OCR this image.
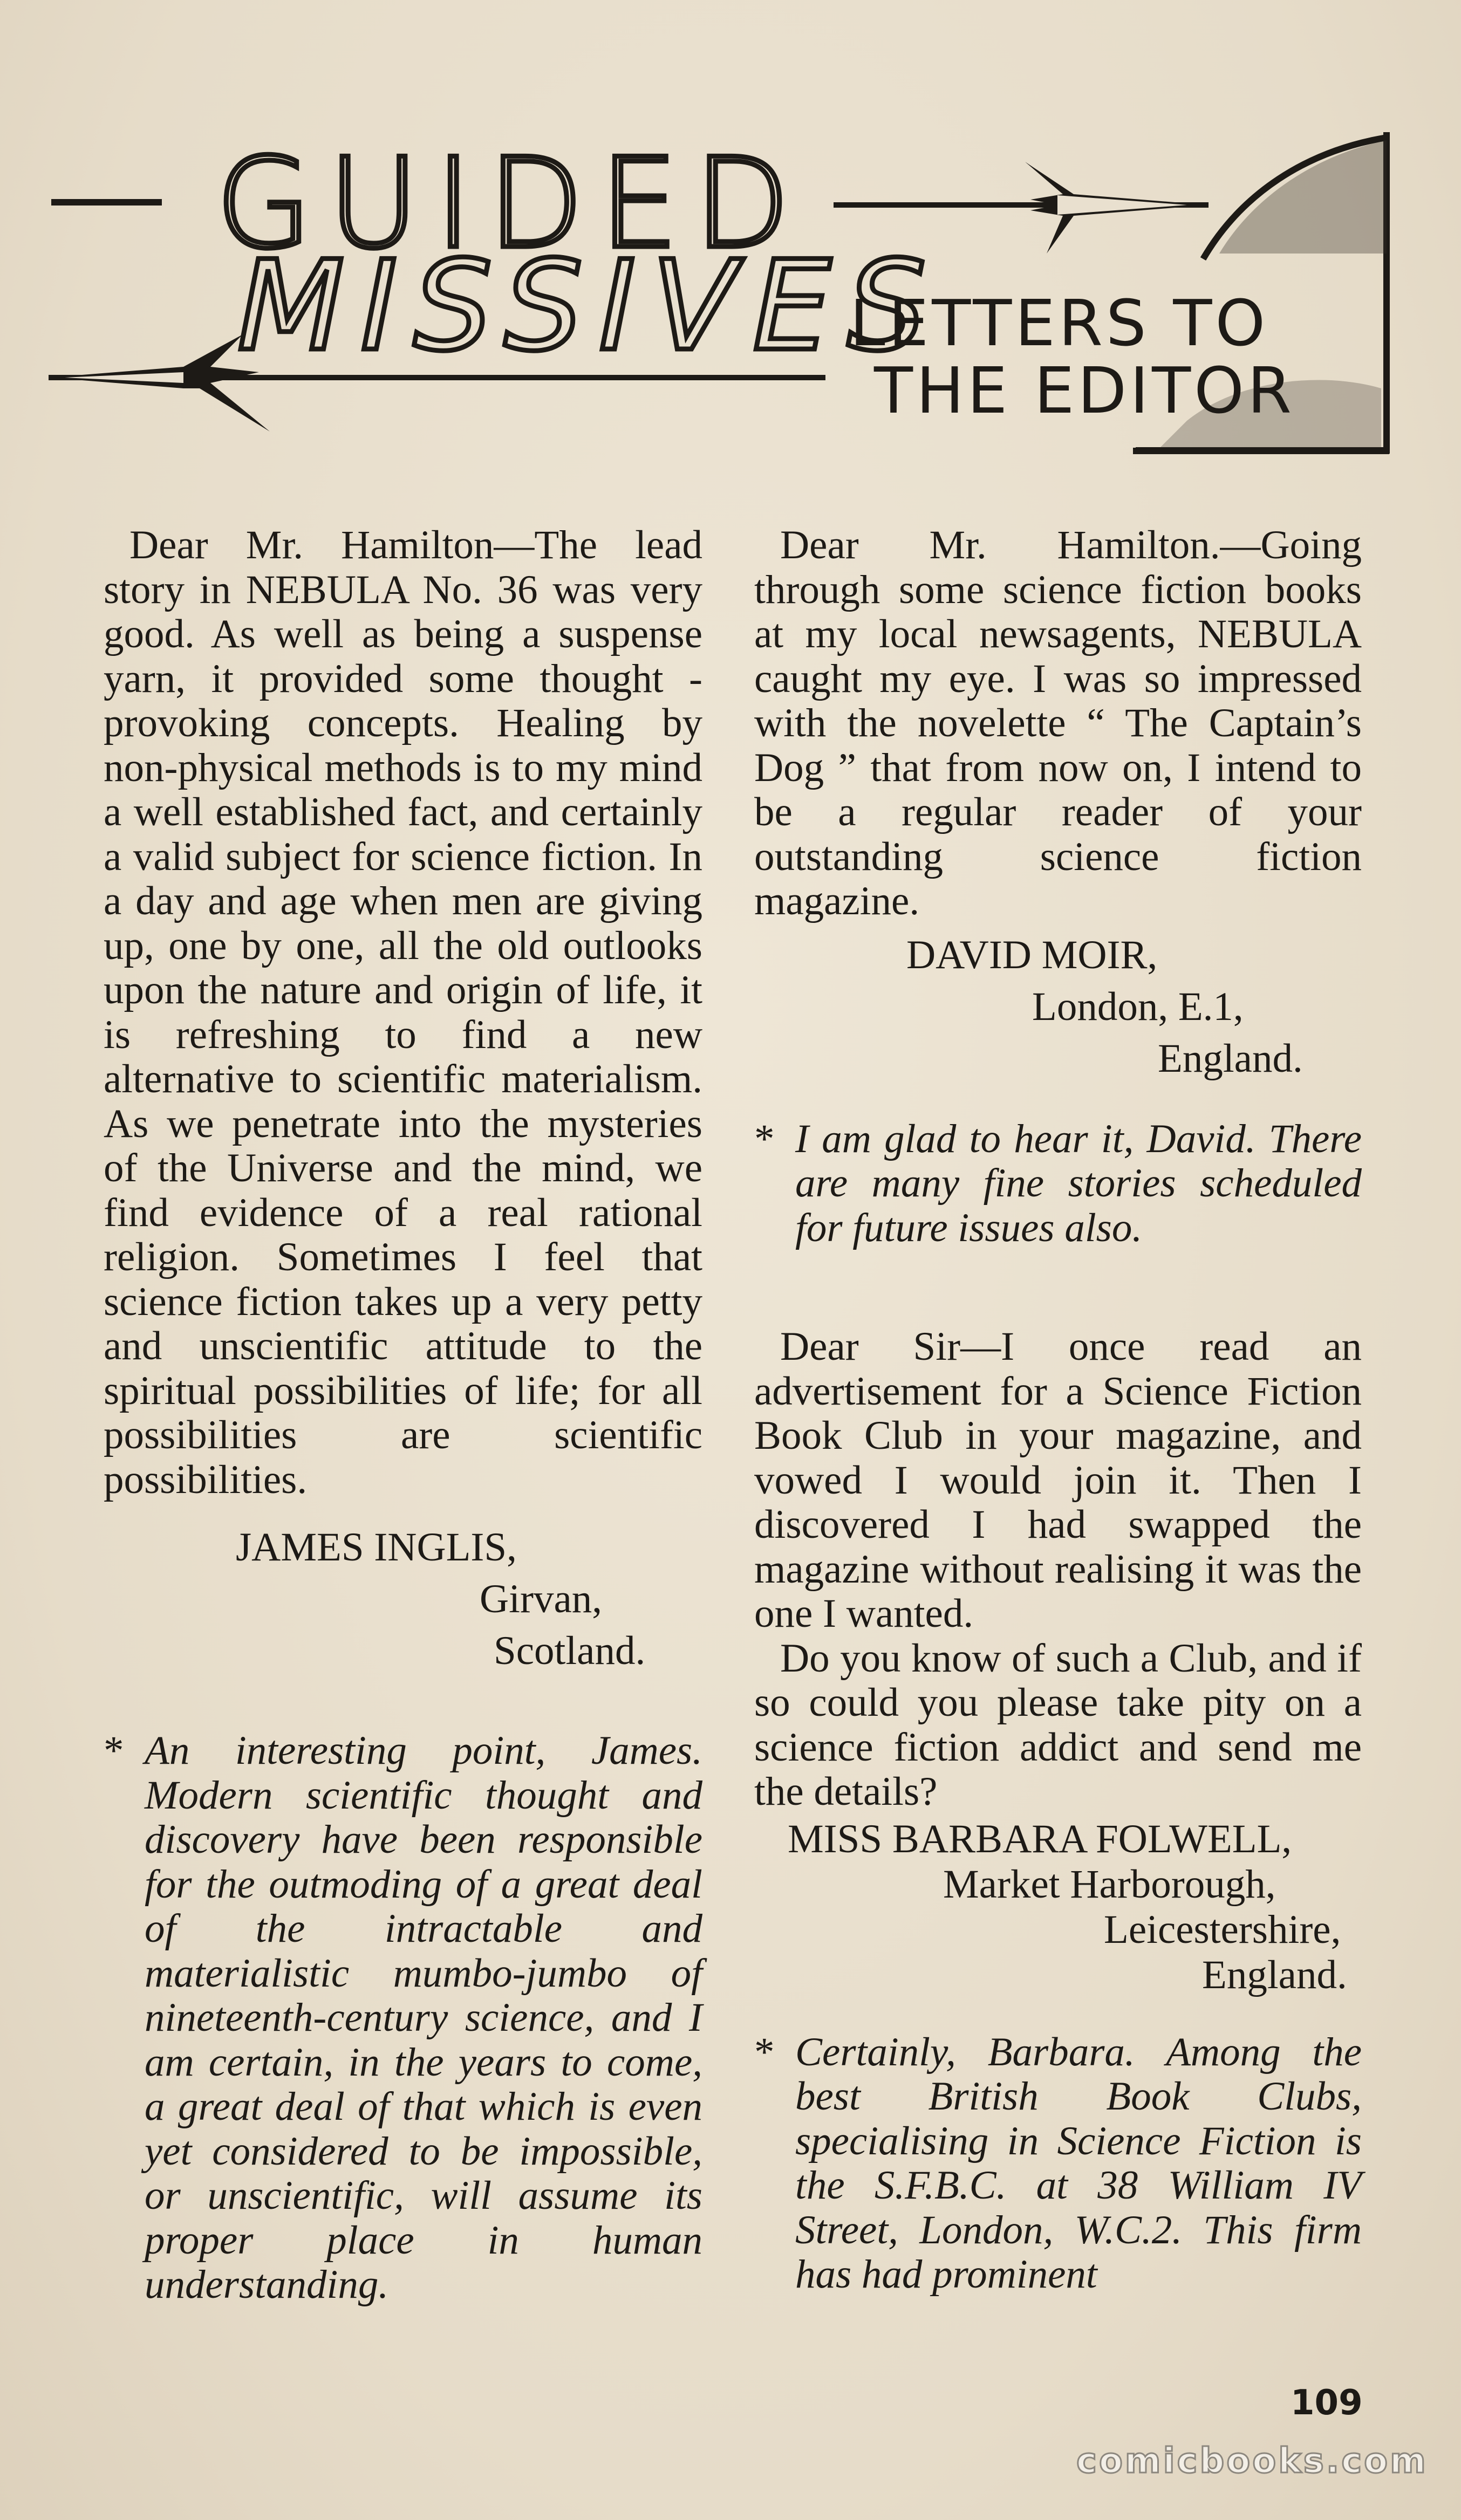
GUIDED
MISSIVES
LETTERS TO
THE EDITOR

Dear Mr. Hamilton—The lead story in NEBULA No. 36 was very good. As well as being a suspense yarn, it provided some thought - provoking concepts. Healing by non-physical methods is to my mind a well established fact, and certainly a valid subject for science fiction. In a day and age when men are giving up, one by one, all the old outlooks upon the nature and origin of life, it is refreshing to find a new alternative to scientific materialism. As we penetrate into the mysteries of the Universe and the mind, we find evidence of a real rational religion. Sometimes I feel that science fiction takes up a very petty and unscientific attitude to the spiritual possibilities of life; for all possibilities are scientific possibilities.

JAMES INGLIS,
Girvan,
Scotland.
* An interesting point, James. Modern scientific thought and discovery have been responsible for the outmoding of a great deal of the intractable and materialistic mumbo-jumbo of nineteenth-century science, and I am certain, in the years to come, a great deal of that which is even yet considered to be impossible, or unscientific, will assume its proper place in human understanding.

Dear Mr. Hamilton.—Going through some science fiction books at my local newsagents, NEBULA caught my eye. I was so impressed with the novelette “ The Captain’s Dog ” that from now on, I intend to be a regular reader of your outstanding science fiction magazine.

DAVID MOIR,
London, E.1,
England.
* I am glad to hear it, David. There are many fine stories scheduled for future issues also.

Dear Sir—I once read an advertisement for a Science Fiction Book Club in your magazine, and vowed I would join it. Then I discovered I had swapped the magazine without realising it was the one I wanted.

Do you know of such a Club, and if so could you please take pity on a science fiction addict and send me the details?

MISS BARBARA FOLWELL,
Market Harborough,
Leicestershire,
England.
* Certainly, Barbara. Among the best British Book Clubs, specialising in Science Fiction is the S.F.B.C. at 38 William IV Street, London, W.C.2. This firm has had prominent
109
comicbooks.com
